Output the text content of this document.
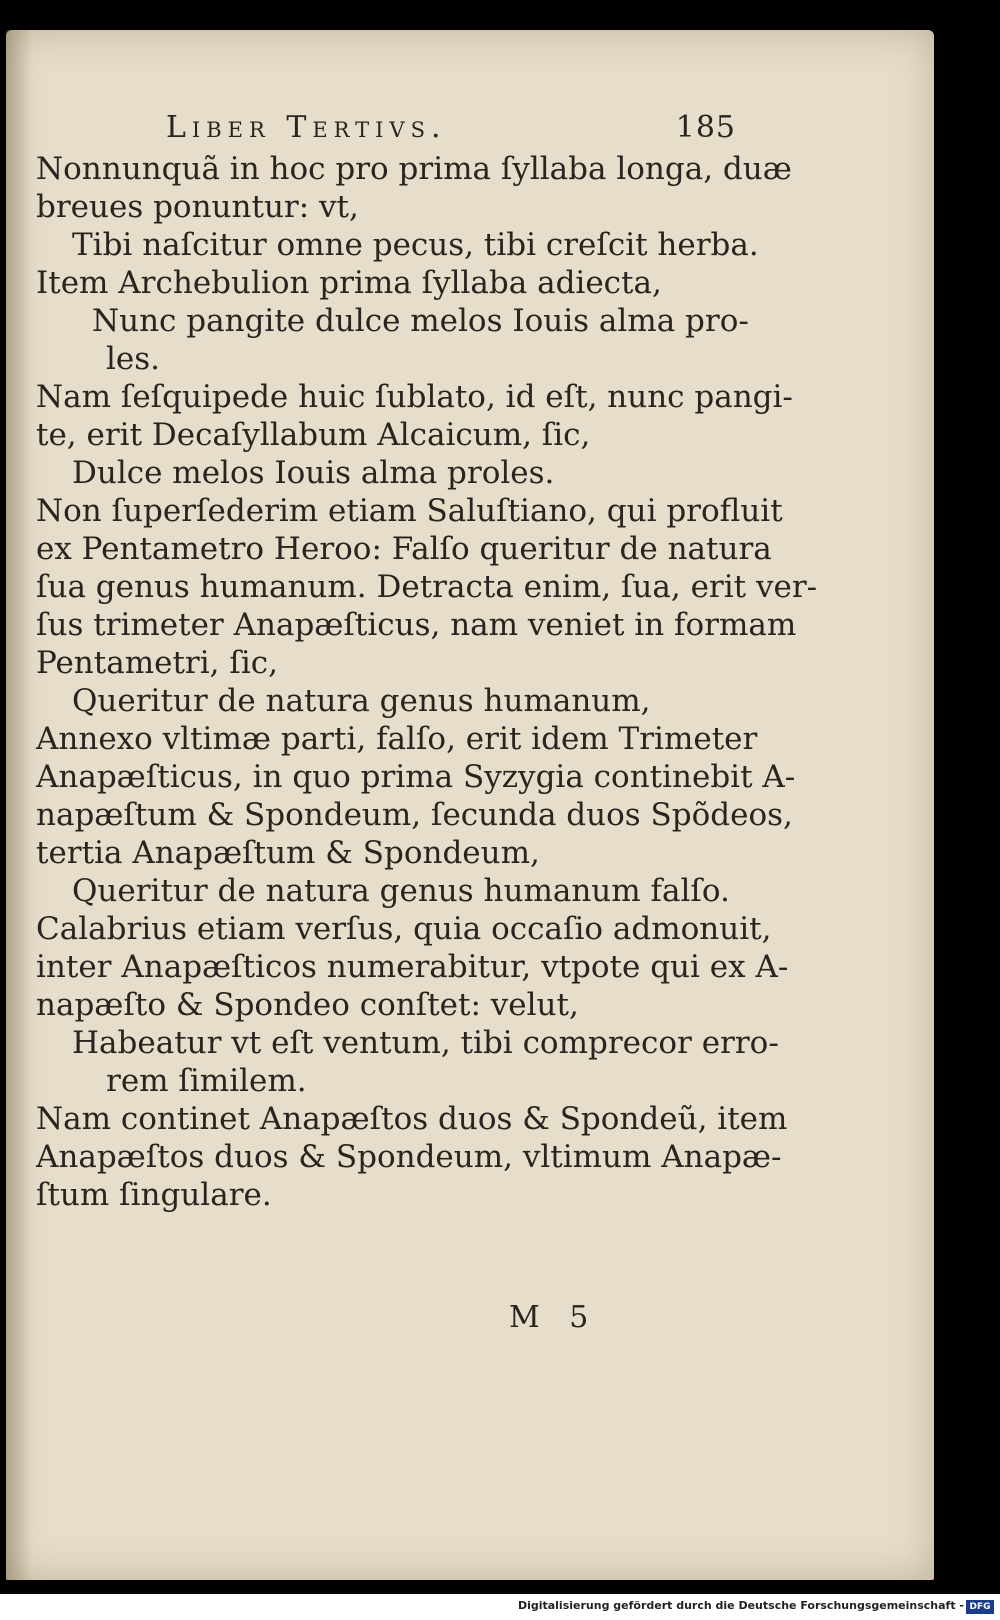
Liber Tertivs.	185
Nonnunquã in hoc pro prima ſyllaba longa, duæ
breues ponuntur: vt,
Tibi naſcitur omne pecus, tibi creſcit herba.
Item Archebulion prima ſyllaba adiecta,
Nunc pangite dulce melos Iouis alma pro-
les.
Nam ſeſquipede huic ſublato, id eſt, nunc pangi-
te, erit Decaſyllabum Alcaicum, ſic,
Dulce melos Iouis alma proles.
Non ſuperſederim etiam Saluſtiano, qui profluit
ex Pentametro Heroo: Falſo queritur de natura
ſua genus humanum. Detracta enim, ſua, erit ver-
ſus trimeter Anapæſticus, nam veniet in formam
Pentametri, ſic,
Queritur de natura genus humanum,
Annexo vltimæ parti, falſo, erit idem Trimeter
Anapæſticus, in quo prima Syzygia continebit A-
napæſtum & Spondeum, ſecunda duos Spõdeos,
tertia Anapæſtum & Spondeum,
Queritur de natura genus humanum falſo.
Calabrius etiam verſus, quia occaſio admonuit,
inter Anapæſticos numerabitur, vtpote qui ex A-
napæſto & Spondeo conſtet: velut,
Habeatur vt eſt ventum, tibi comprecor erro-
rem ſimilem.
Nam continet Anapæſtos duos & Spondeũ, item
Anapæſtos duos & Spondeum, vltimum Anapæ-
ſtum ſingulare.
M 5
Digitalisierung gefördert durch die Deutsche Forschungsgemeinschaft - DFG
